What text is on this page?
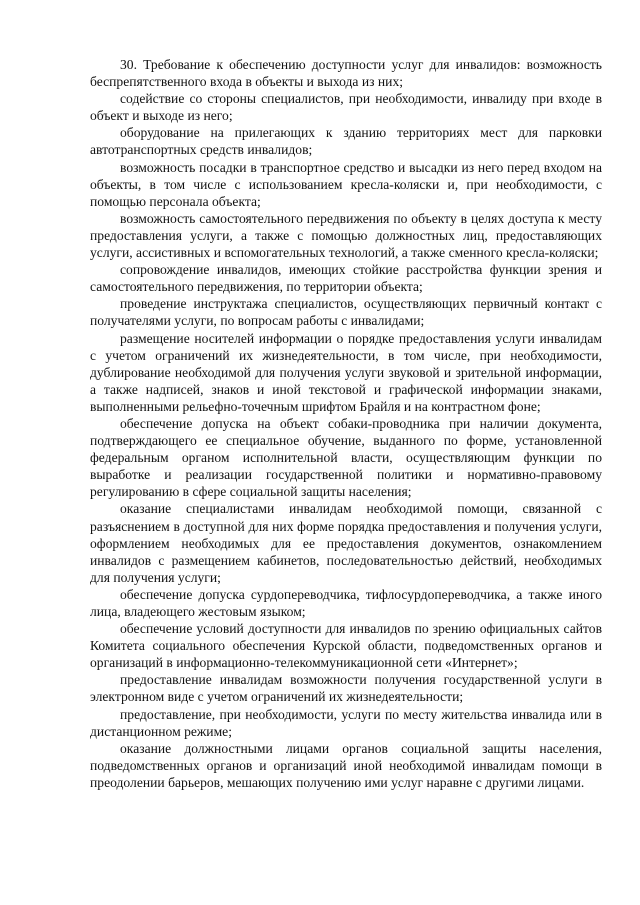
30. Требование к обеспечению доступности услуг для инвалидов: возможность беспрепятственного входа в объекты и выхода из них;

содействие со стороны специалистов, при необходимости, инвалиду при входе в объект и выходе из него;

оборудование на прилегающих к зданию территориях мест для парковки автотранспортных средств инвалидов;

возможность посадки в транспортное средство и высадки из него перед входом на объекты, в том числе с использованием кресла-коляски и, при необходимости, с помощью персонала объекта;

возможность самостоятельного передвижения по объекту в целях доступа к месту предоставления услуги, а также с помощью должностных лиц, предоставляющих услуги, ассистивных и вспомогательных технологий, а также сменного кресла-коляски;

сопровождение инвалидов, имеющих стойкие расстройства функции зрения и самостоятельного передвижения, по территории объекта;

проведение инструктажа специалистов, осуществляющих первичный контакт с получателями услуги, по вопросам работы с инвалидами;

размещение носителей информации о порядке предоставления услуги инвалидам с учетом ограничений их жизнедеятельности, в том числе, при необходимости, дублирование необходимой для получения услуги звуковой и зрительной информации, а также надписей, знаков и иной текстовой и графической информации знаками, выполненными рельефно-точечным шрифтом Брайля и на контрастном фоне;

обеспечение допуска на объект собаки-проводника при наличии документа, подтверждающего ее специальное обучение, выданного по форме, установленной федеральным органом исполнительной власти, осуществляющим функции по выработке и реализации государственной политики и нормативно-правовому регулированию в сфере социальной защиты населения;

оказание специалистами инвалидам необходимой помощи, связанной с разъяснением в доступной для них форме порядка предоставления и получения услуги, оформлением необходимых для ее предоставления документов, ознакомлением инвалидов с размещением кабинетов, последовательностью действий, необходимых для получения услуги;

обеспечение допуска сурдопереводчика, тифлосурдопереводчика, а также иного лица, владеющего жестовым языком;

обеспечение условий доступности для инвалидов по зрению официальных сайтов Комитета социального обеспечения Курской области, подведомственных органов и организаций в информационно-телекоммуникационной сети «Интернет»;

предоставление инвалидам возможности получения государственной услуги в электронном виде с учетом ограничений их жизнедеятельности;

предоставление, при необходимости, услуги по месту жительства инвалида или в дистанционном режиме;

оказание должностными лицами органов социальной защиты населения, подведомственных органов и организаций иной необходимой инвалидам помощи в преодолении барьеров, мешающих получению ими услуг наравне с другими лицами.
